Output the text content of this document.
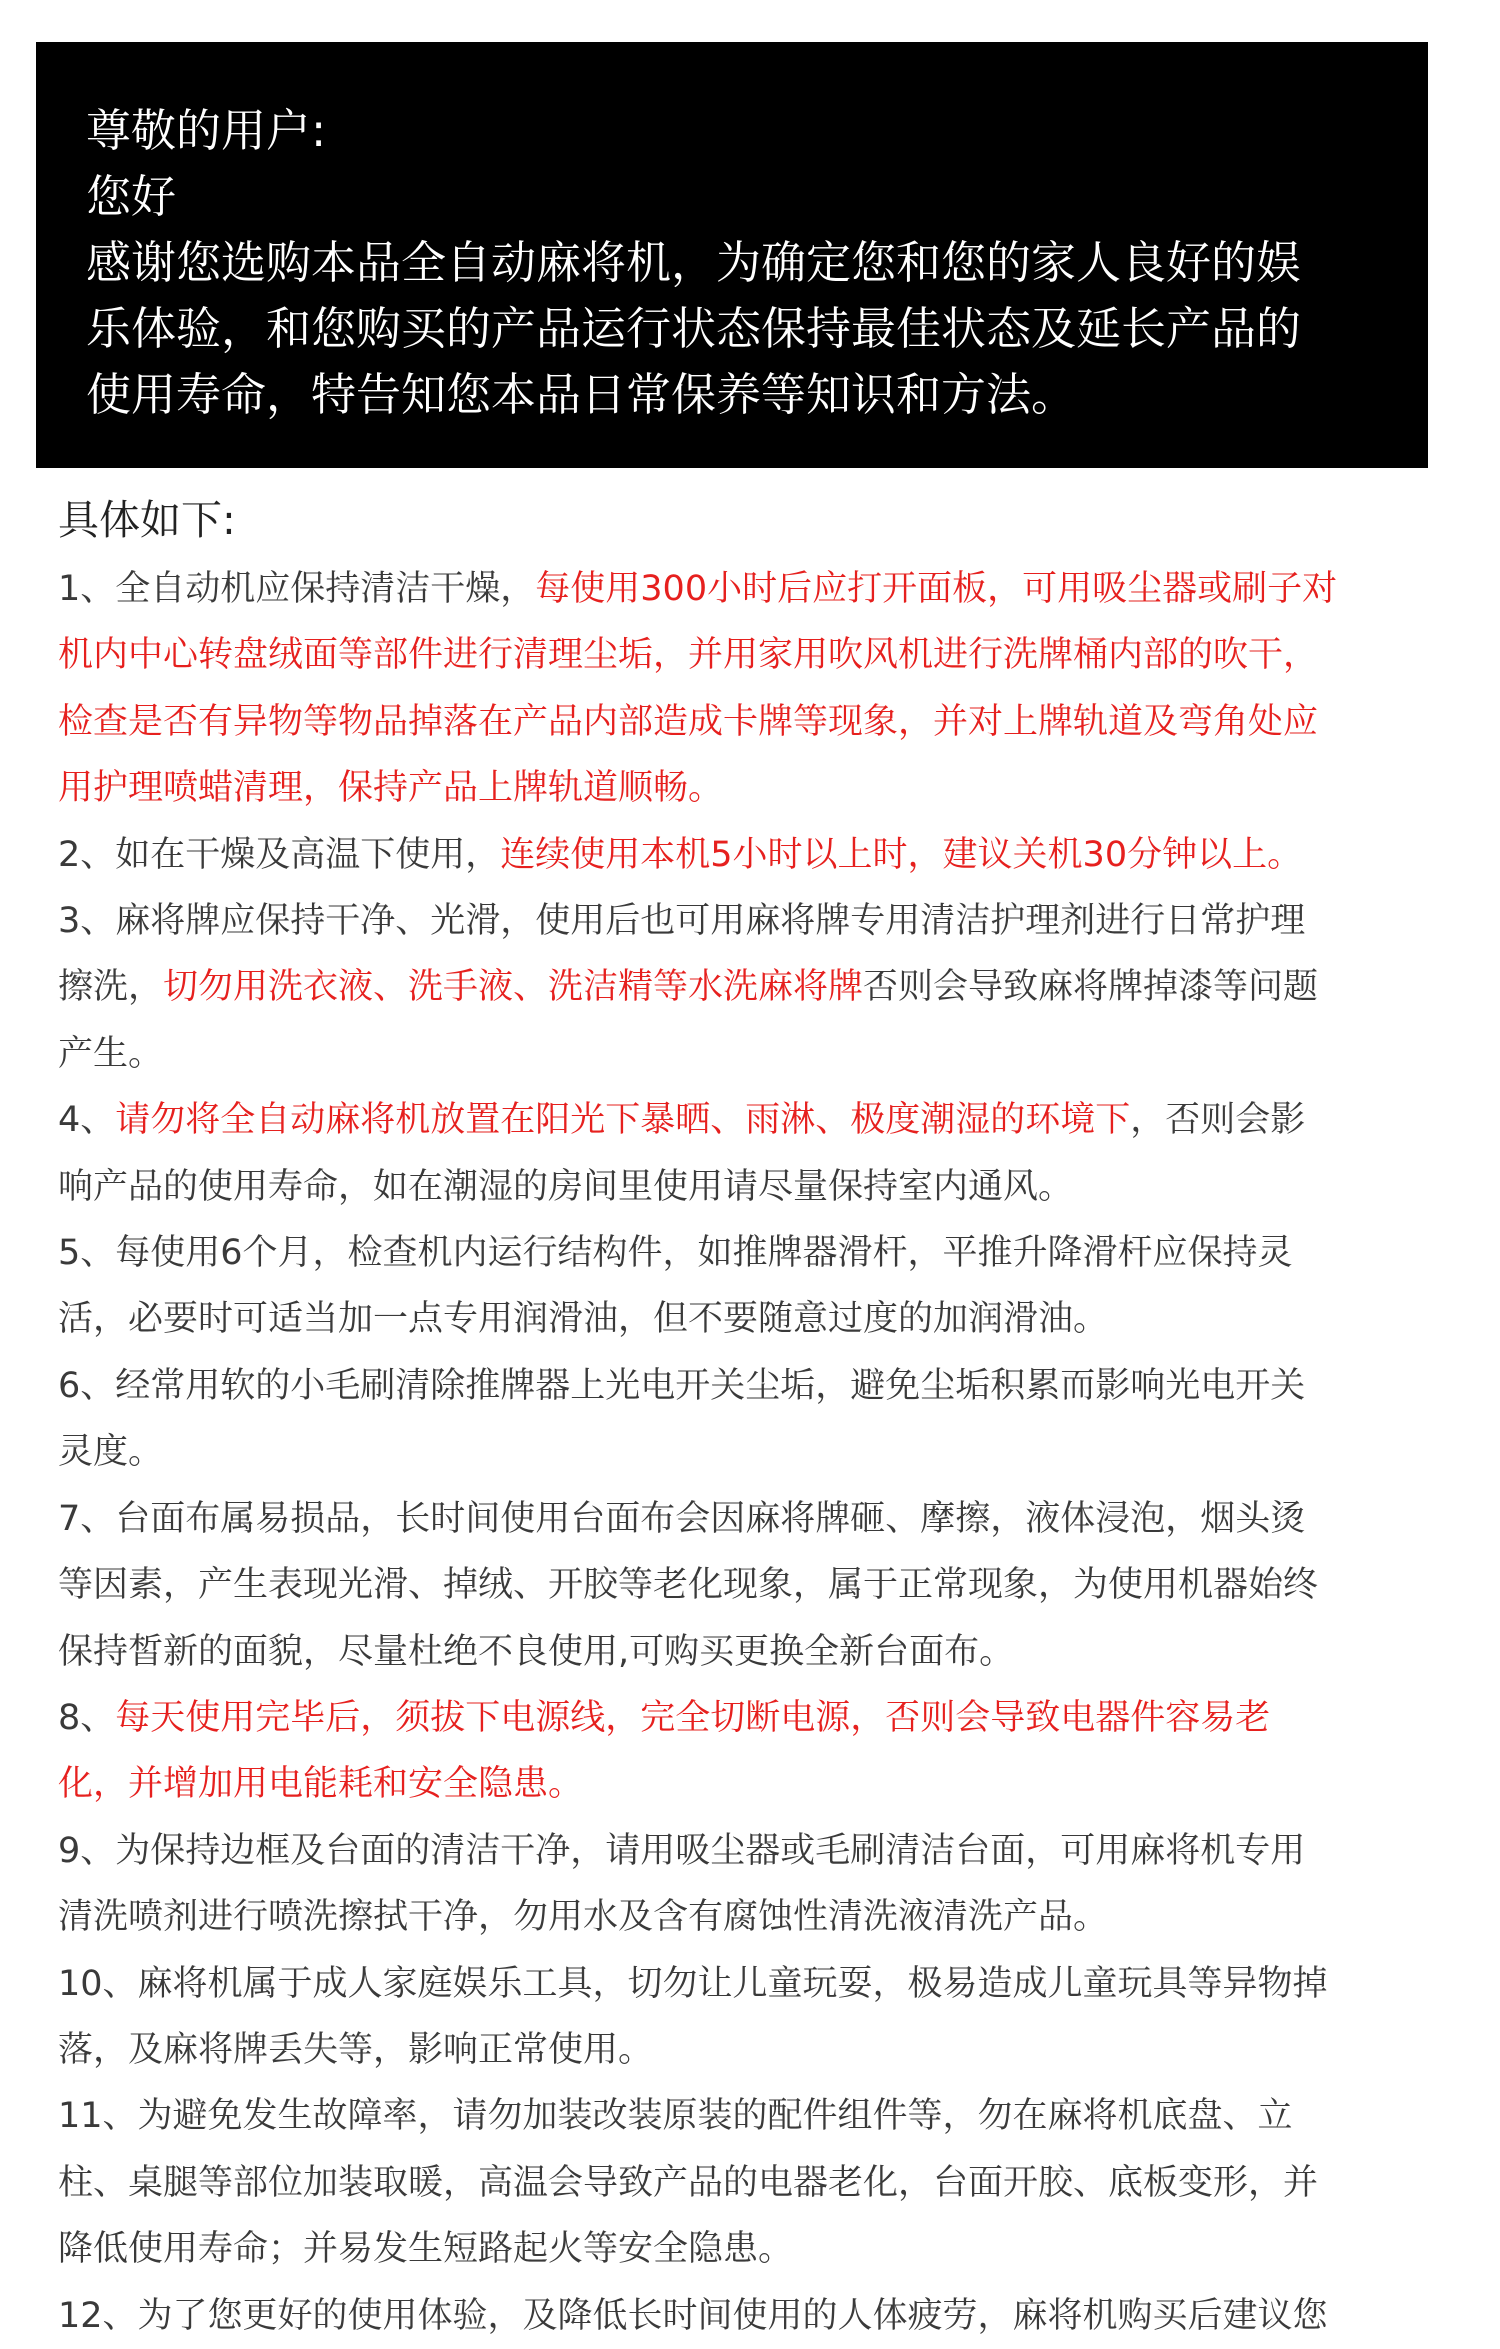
尊敬的用户:
您好
感谢您选购本品全自动麻将机，为确定您和您的家人良好的娱
乐体验，和您购买的产品运行状态保持最佳状态及延长产品的
使用寿命，特告知您本品日常保养等知识和方法。
具体如下:
1、全自动机应保持清洁干燥，每使用300小时后应打开面板，可用吸尘器或刷子对
机内中心转盘绒面等部件进行清理尘垢，并用家用吹风机进行洗牌桶内部的吹干，
检查是否有异物等物品掉落在产品内部造成卡牌等现象，并对上牌轨道及弯角处应
用护理喷蜡清理，保持产品上牌轨道顺畅。
2、如在干燥及高温下使用，连续使用本机5小时以上时，建议关机30分钟以上。
3、麻将牌应保持干净、光滑，使用后也可用麻将牌专用清洁护理剂进行日常护理
擦洗，切勿用洗衣液、洗手液、洗洁精等水洗麻将牌否则会导致麻将牌掉漆等问题
产生。
4、请勿将全自动麻将机放置在阳光下暴晒、雨淋、极度潮湿的环境下，否则会影
响产品的使用寿命，如在潮湿的房间里使用请尽量保持室内通风。
5、每使用6个月，检查机内运行结构件，如推牌器滑杆，平推升降滑杆应保持灵
活，必要时可适当加一点专用润滑油，但不要随意过度的加润滑油。
6、经常用软的小毛刷清除推牌器上光电开关尘垢，避免尘垢积累而影响光电开关
灵度。
7、台面布属易损品，长时间使用台面布会因麻将牌砸、摩擦，液体浸泡，烟头烫
等因素，产生表现光滑、掉绒、开胶等老化现象，属于正常现象，为使用机器始终
保持皙新的面貌，尽量杜绝不良使用,可购买更换全新台面布。
8、每天使用完毕后，须拔下电源线，完全切断电源，否则会导致电器件容易老
化，并增加用电能耗和安全隐患。
9、为保持边框及台面的清洁干净，请用吸尘器或毛刷清洁台面，可用麻将机专用
清洗喷剂进行喷洗擦拭干净，勿用水及含有腐蚀性清洗液清洗产品。
10、麻将机属于成人家庭娱乐工具，切勿让儿童玩耍，极易造成儿童玩具等异物掉
落，及麻将牌丢失等，影响正常使用。
11、为避免发生故障率，请勿加装改装原装的配件组件等，勿在麻将机底盘、立
柱、桌腿等部位加装取暖，高温会导致产品的电器老化，台面开胶、底板变形，并
降低使用寿命；并易发生短路起火等安全隐患。
12、为了您更好的使用体验，及降低长时间使用的人体疲劳，麻将机购买后建议您
